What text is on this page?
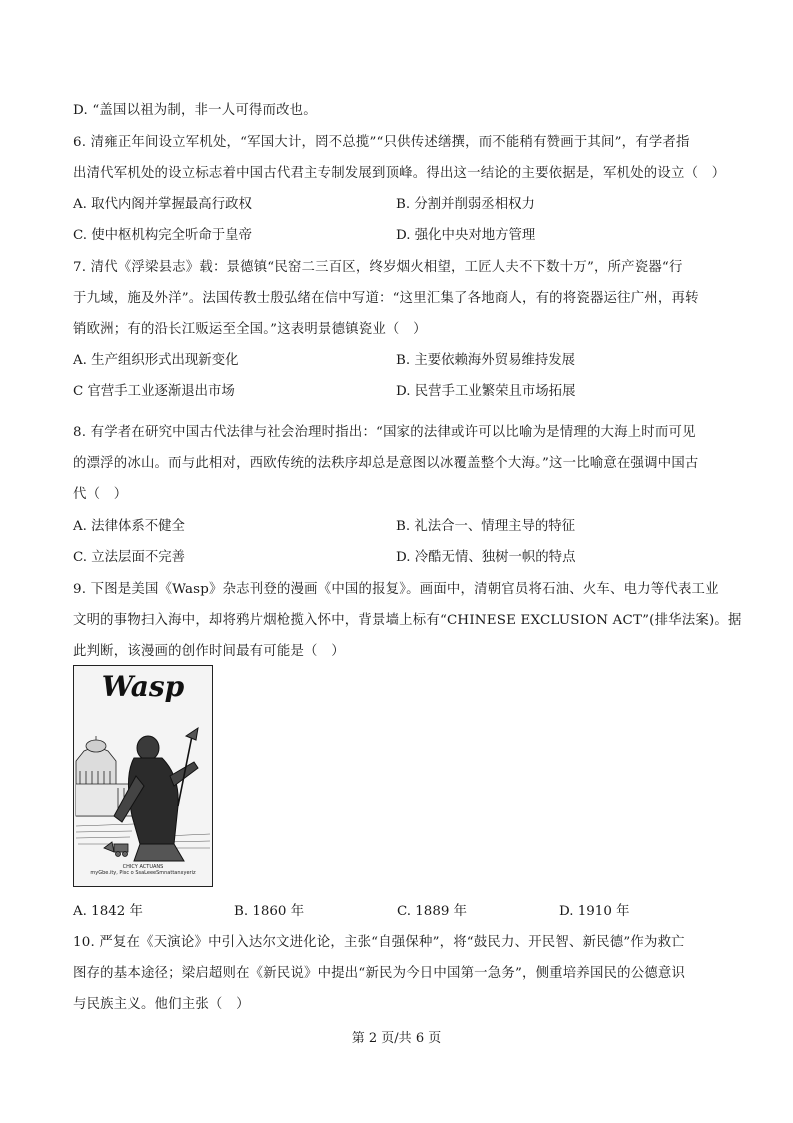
D. “盖国以祖为制，非一人可得而改也。
6. 清雍正年间设立军机处，“军国大计，罔不总揽”“只供传述缮撰，而不能稍有赞画于其间”，有学者指
出清代军机处的设立标志着中国古代君主专制发展到顶峰。得出这一结论的主要依据是，军机处的设立（　）
A. 取代内阁并掌握最高行政权	B. 分割并削弱丞相权力
C. 使中枢机构完全听命于皇帝	D. 强化中央对地方管理
7. 清代《浮梁县志》载：景德镇“民窑二三百区，终岁烟火相望，工匠人夫不下数十万”，所产瓷器“行
于九域，施及外洋”。法国传教士殷弘绪在信中写道：“这里汇集了各地商人，有的将瓷器运往广州，再转
销欧洲；有的沿长江贩运至全国。”这表明景德镇瓷业（　）
A. 生产组织形式出现新变化	B. 主要依赖海外贸易维持发展
C 官营手工业逐渐退出市场	D. 民营手工业繁荣且市场拓展
8. 有学者在研究中国古代法律与社会治理时指出：“国家的法律或许可以比喻为是情理的大海上时而可见
的漂浮的冰山。而与此相对，西欧传统的法秩序却总是意图以冰覆盖整个大海。”这一比喻意在强调中国古
代（　）
A. 法律体系不健全	B. 礼法合一、情理主导的特征
C. 立法层面不完善	D. 冷酷无情、独树一帜的特点
9. 下图是美国《Wasp》杂志刊登的漫画《中国的报复》。画面中，清朝官员将石油、火车、电力等代表工业
文明的事物扫入海中，却将鸦片烟枪揽入怀中，背景墙上标有“CHINESE EXCLUSION ACT”(排华法案)。据
此判断，该漫画的创作时间最有可能是（　）
Wasp
CHICY ACTUANS
myGbe.ity, Pisc o SsaLeeeSmnattanxyeriz
A. 1842 年	B. 1860 年	C. 1889 年	D. 1910 年
10. 严复在《天演论》中引入达尔文进化论，主张“自强保种”，将“鼓民力、开民智、新民德”作为救亡
图存的基本途径；梁启超则在《新民说》中提出“新民为今日中国第一急务”，侧重培养国民的公德意识
与民族主义。他们主张（　）
第 2 页/共 6 页
